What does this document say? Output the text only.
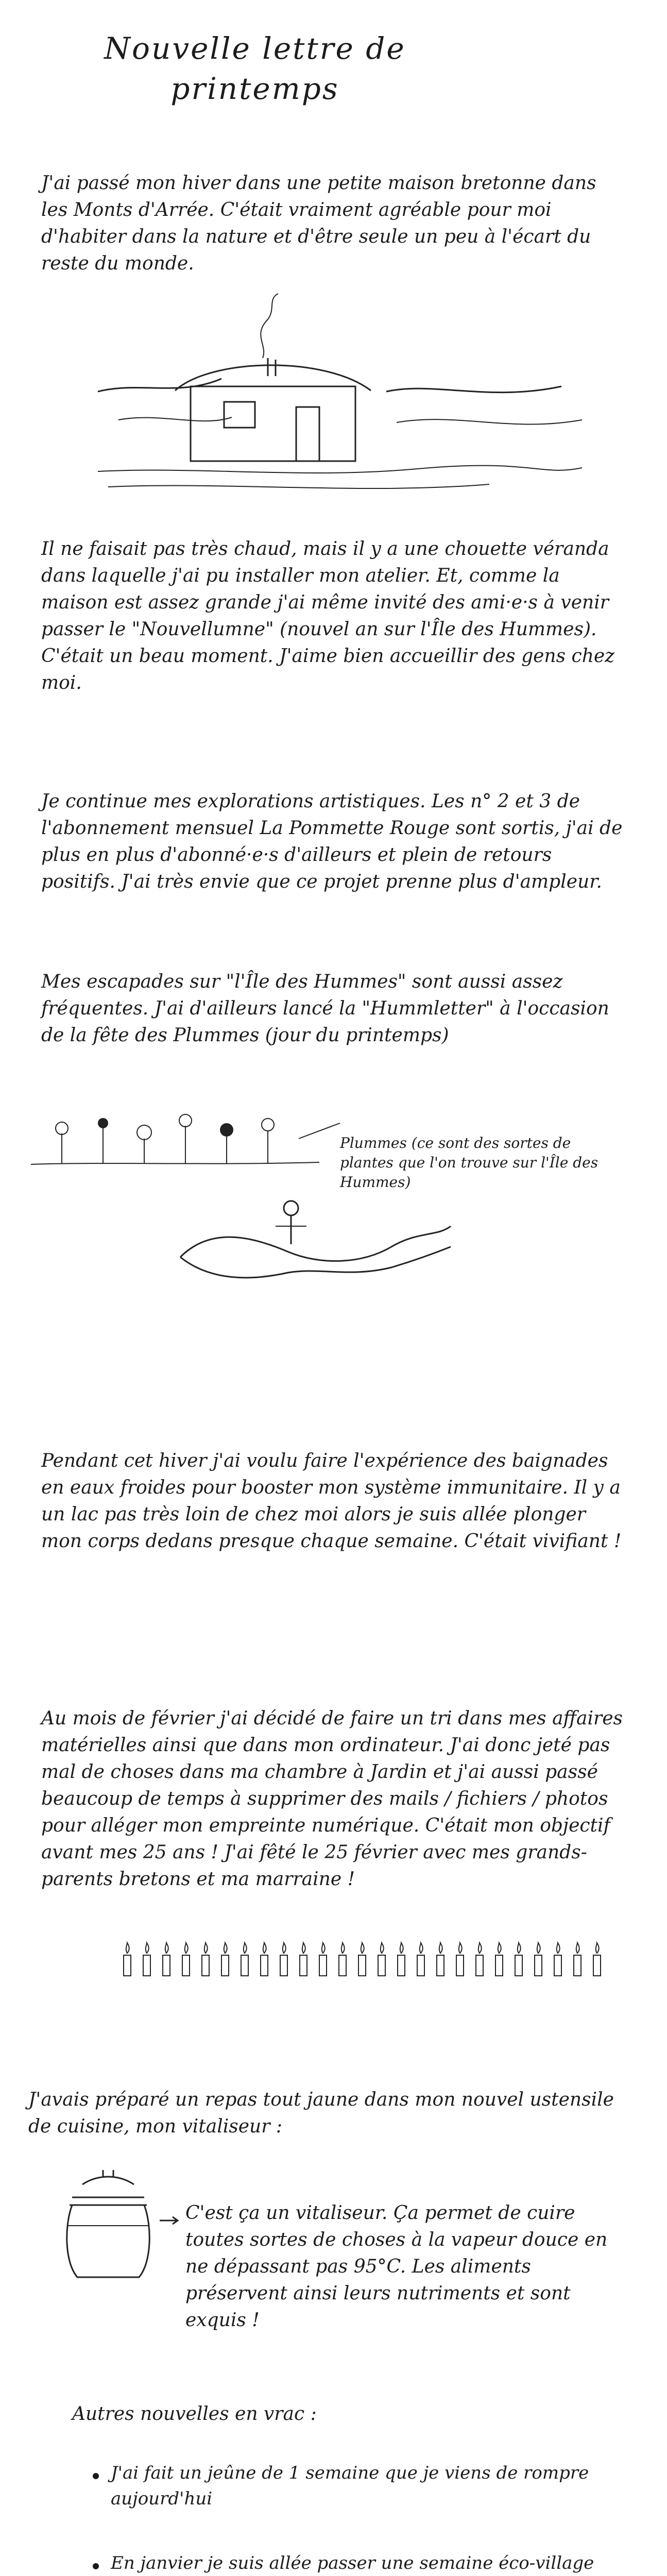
Nouvelle lettre de
printemps
J'ai passé mon hiver dans une petite maison bretonne dans les Monts d'Arrée. C'était vraiment agréable pour moi d'habiter dans la nature et d'être seule un peu à l'écart du reste du monde.
Il ne faisait pas très chaud, mais il y a une chouette véranda dans laquelle j'ai pu installer mon atelier. Et, comme la maison est assez grande j'ai même invité des ami·e·s à venir passer le "Nouvellumne" (nouvel an sur l'Île des Hummes). C'était un beau moment. J'aime bien accueillir des gens chez moi.
Je continue mes explorations artistiques. Les n° 2 et 3 de l'abonnement mensuel La Pommette Rouge sont sortis, j'ai de plus en plus d'abonné·e·s d'ailleurs et plein de retours positifs. J'ai très envie que ce projet prenne plus d'ampleur.
Mes escapades sur "l'Île des Hummes" sont aussi assez fréquentes. J'ai d'ailleurs lancé la "Hummletter" à l'occasion de la fête des Plummes (jour du printemps)
Plummes (ce sont des sortes de plantes que l'on trouve sur l'Île des Hummes)
Pendant cet hiver j'ai voulu faire l'expérience des baignades en eaux froides pour booster mon système immunitaire. Il y a un lac pas très loin de chez moi alors je suis allée plonger mon corps dedans presque chaque semaine. C'était vivifiant !
Au mois de février j'ai décidé de faire un tri dans mes affaires matérielles ainsi que dans mon ordinateur. J'ai donc jeté pas mal de choses dans ma chambre à Jardin et j'ai aussi passé beaucoup de temps à supprimer des mails / fichiers / photos pour alléger mon empreinte numérique. C'était mon objectif avant mes 25 ans ! J'ai fêté le 25 février avec mes grands-parents bretons et ma marraine !
J'avais préparé un repas tout jaune dans mon nouvel ustensile de cuisine, mon vitaliseur :
C'est ça un vitaliseur. Ça permet de cuire toutes sortes de choses à la vapeur douce en ne dépassant pas 95°C. Les aliments préservent ainsi leurs nutriments et sont exquis !
Autres nouvelles en vrac :
J'ai fait un jeûne de 1 semaine que je viens de rompre aujourd'hui
En janvier je suis allée passer une semaine éco-village
